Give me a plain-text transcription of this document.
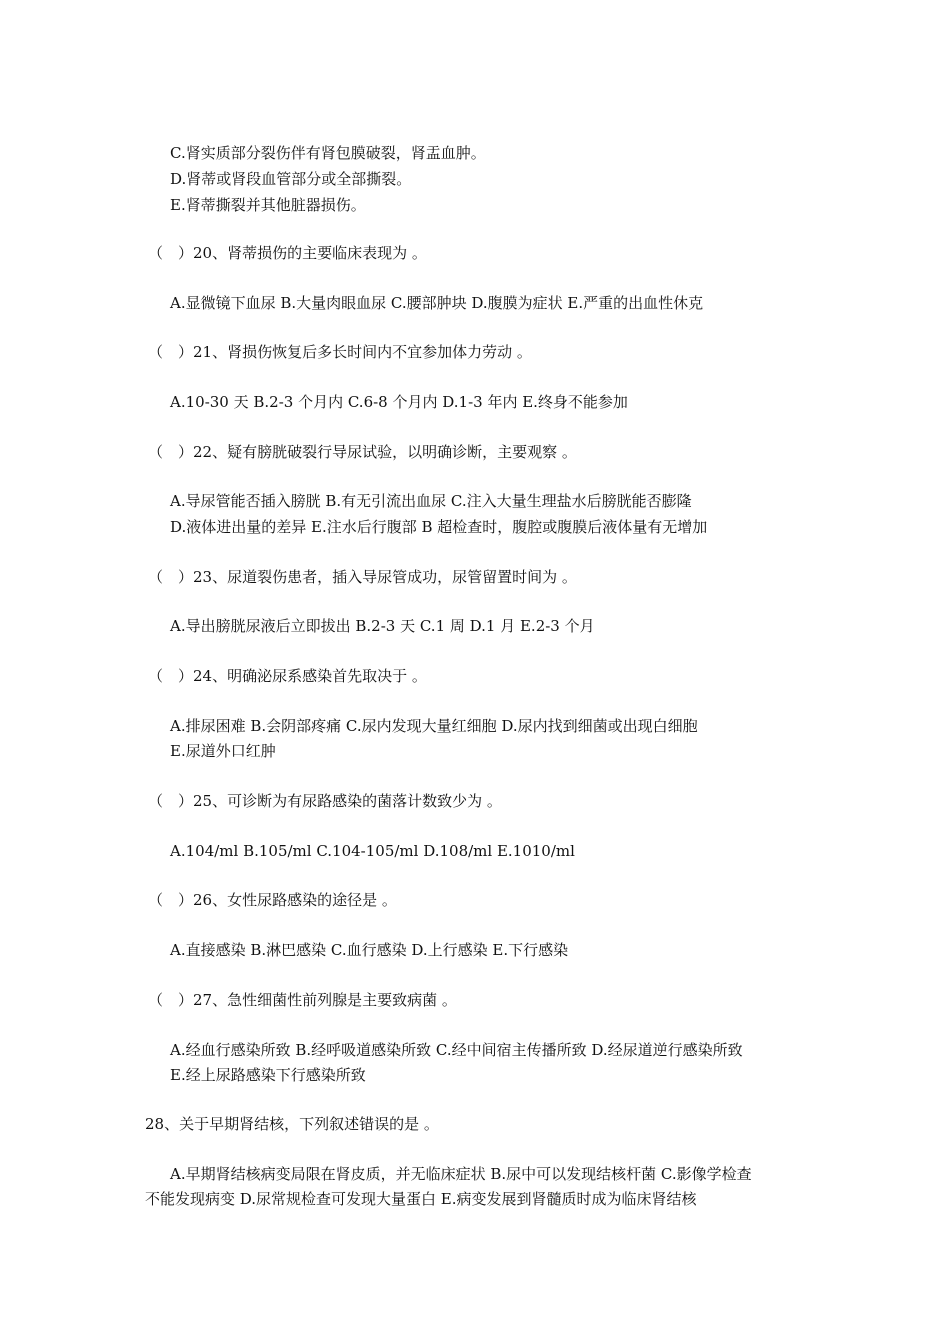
C.肾实质部分裂伤伴有肾包膜破裂，肾盂血肿。
D.肾蒂或肾段血管部分或全部撕裂。
E.肾蒂撕裂并其他脏器损伤。
（　）20、肾蒂损伤的主要临床表现为 。
A.显微镜下血尿 B.大量肉眼血尿 C.腰部肿块 D.腹膜为症状 E.严重的出血性休克
（　）21、肾损伤恢复后多长时间内不宜参加体力劳动 。
A.10-30 天 B.2-3 个月内 C.6-8 个月内 D.1-3 年内 E.终身不能参加
（　）22、疑有膀胱破裂行导尿试验，以明确诊断，主要观察 。
A.导尿管能否插入膀胱 B.有无引流出血尿 C.注入大量生理盐水后膀胱能否膨隆
D.液体进出量的差异 E.注水后行腹部 B 超检查时，腹腔或腹膜后液体量有无增加
（　）23、尿道裂伤患者，插入导尿管成功，尿管留置时间为 。
A.导出膀胱尿液后立即拔出 B.2-3 天 C.1 周 D.1 月 E.2-3 个月
（　）24、明确泌尿系感染首先取决于 。
A.排尿困难 B.会阴部疼痛 C.尿内发现大量红细胞 D.尿内找到细菌或出现白细胞
E.尿道外口红肿
（　）25、可诊断为有尿路感染的菌落计数致少为 。
A.104/ml B.105/ml C.104-105/ml D.108/ml E.1010/ml
（　）26、女性尿路感染的途径是 。
A.直接感染 B.淋巴感染 C.血行感染 D.上行感染 E.下行感染
（　）27、急性细菌性前列腺是主要致病菌 。
A.经血行感染所致 B.经呼吸道感染所致 C.经中间宿主传播所致 D.经尿道逆行感染所致
E.经上尿路感染下行感染所致
28、关于早期肾结核，下列叙述错误的是 。
A.早期肾结核病变局限在肾皮质，并无临床症状 B.尿中可以发现结核杆菌 C.影像学检查
不能发现病变 D.尿常规检查可发现大量蛋白 E.病变发展到肾髓质时成为临床肾结核
